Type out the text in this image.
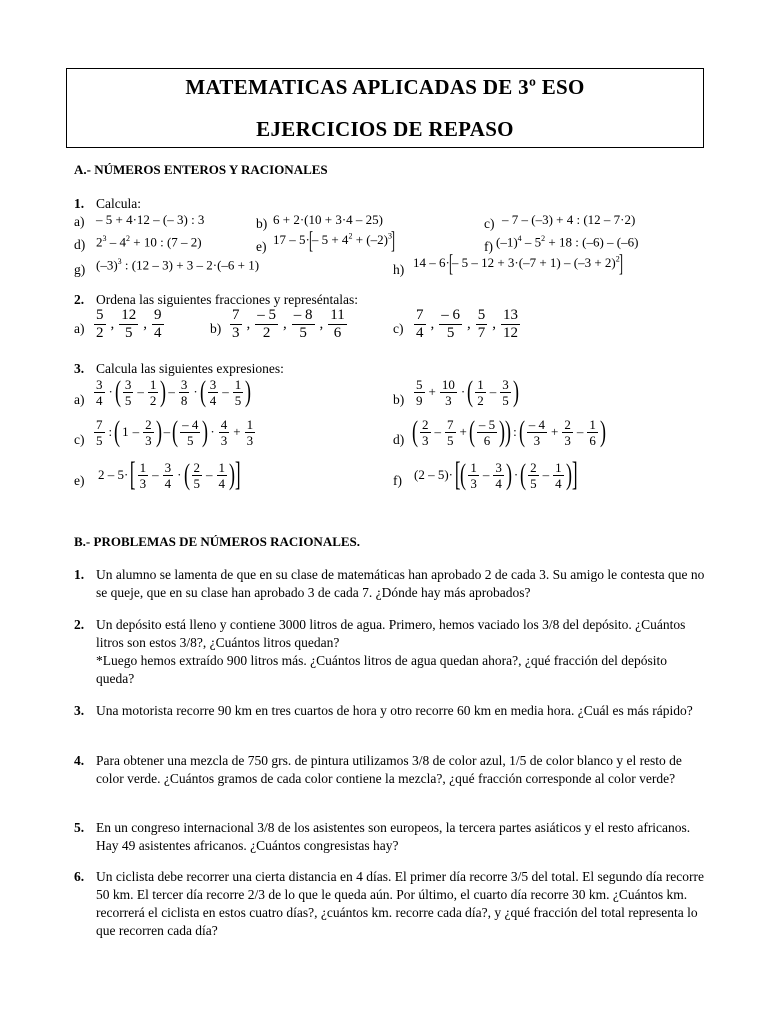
MATEMATICAS APLICADAS DE 3º ESO
EJERCICIOS DE REPASO
A.- NÚMEROS ENTEROS Y RACIONALES
1. Calcula:
a) – 5 + 4·12 – (– 3) : 3	b) 6 + 2·(10 + 3·4 – 25)	c) – 7 – (–3) + 4 : (12 – 7·2)
d) $2^3 - 4^2 + 10$ : (7 – 2)	e) 17 – 5·[– $5 + 4^2 + (-2)^3$]	f) $(-1)^4 - 5^2 + 18$ : (–6) – (–6)
g) $(-3)^3$ : (12 – 3) + 3 – 2·(–6 + 1)	h) 14 – 6·[– $5 - 12 + 3\cdot(-7 + 1) - (-3 + 2)^2$]
2. Ordena las siguientes fracciones y represéntalas:
$a) \frac{5}{2}$ , $\frac{12}{5}$ , $\frac{9}{4}$	$b) \frac{7}{3}$ , $\frac{- 5}{2}$ , $\frac{- 8}{5}$ , $\frac{11}{6}$	$c) \frac{7}{4}$ , $\frac{- 6}{5}$ , $\frac{5}{7}$ , $\frac{13}{12}$
3. Calcula las siguientes expresiones:
$a) \frac{3}{4}$ ·( $\frac{3}{5} - \frac{1}{2}$ ) – $\frac{3}{8}$ ·( $\frac{3}{4} - \frac{1}{5}$ )	$b) \frac{5}{9} + \frac{10}{3}$ ·( $\frac{1}{2} - \frac{3}{5}$ )
$c) \frac{7}{5}$ :( $1 - \frac{2}{3}$ ) –( $\frac{- 4}{5}$ ) · $\frac{4}{3} + \frac{1}{3}$	d) ( $\frac{2}{3} - \frac{7}{5}$ +( $\frac{- 5}{6}$ )) :( $\frac{- 4}{3} + \frac{2}{3} - \frac{1}{6}$ )
e) $2 - 5\cdot[ \frac{1}{3} - \frac{3}{4}$ ·( $\frac{2}{5} - \frac{1}{4}$ )]	f) $(2 - 5)\cdot[( \frac{1}{3} - \frac{3}{4}$ ) ·( $\frac{2}{5} - \frac{1}{4}$ )]
B.- PROBLEMAS DE NÚMEROS RACIONALES.
1. Un alumno se lamenta de que en su clase de matemáticas han aprobado 2 de cada 3. Su amigo le contesta que no se queje, que en su clase han aprobado 3 de cada 7. ¿Dónde hay más aprobados?
2. Un depósito está lleno y contiene 3000 litros de agua. Primero, hemos vaciado los 3/8 del depósito. ¿Cuántos litros son estos 3/8?, ¿Cuántos litros quedan?
*Luego hemos extraído 900 litros más. ¿Cuántos litros de agua quedan ahora?, ¿qué fracción del depósito queda?
3. Una motorista recorre 90 km en tres cuartos de hora y otro recorre 60 km en media hora. ¿Cuál es más rápido?
4. Para obtener una mezcla de 750 grs. de pintura utilizamos 3/8 de color azul, 1/5 de color blanco y el resto de color verde. ¿Cuántos gramos de cada color contiene la mezcla?, ¿qué fracción corresponde al color verde?
5. En un congreso internacional 3/8 de los asistentes son europeos, la tercera partes asiáticos y el resto africanos. Hay 49 asistentes africanos. ¿Cuántos congresistas hay?
6. Un ciclista debe recorrer una cierta distancia en 4 días. El primer día recorre 3/5 del total. El segundo día recorre 50 km. El tercer día recorre 2/3 de lo que le queda aún. Por último, el cuarto día recorre 30 km. ¿Cuántos km. recorrerá el ciclista en estos cuatro días?, ¿cuántos km. recorre cada día?, y ¿qué fracción del total representa lo que recorren cada día?
